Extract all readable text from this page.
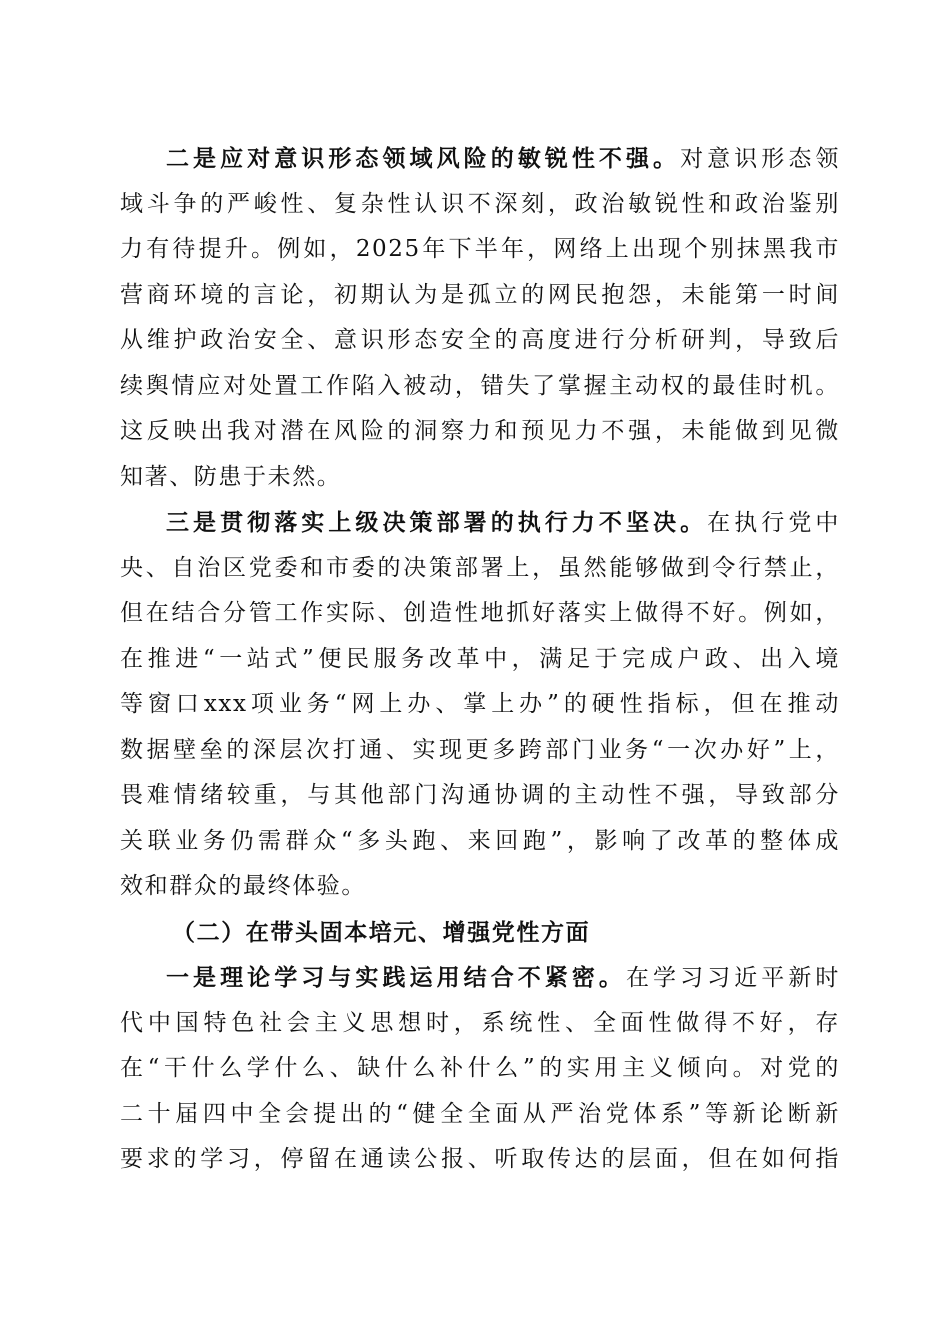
二是应对意识形态领域风险的敏锐性不强。对意识形态领
域斗争的严峻性、复杂性认识不深刻，政治敏锐性和政治鉴别
力有待提升。例如，2025年下半年，网络上出现个别抹黑我市
营商环境的言论，初期认为是孤立的网民抱怨，未能第一时间
从维护政治安全、意识形态安全的高度进行分析研判，导致后
续舆情应对处置工作陷入被动，错失了掌握主动权的最佳时机。
这反映出我对潜在风险的洞察力和预见力不强，未能做到见微
知著、防患于未然。
三是贯彻落实上级决策部署的执行力不坚决。在执行党中
央、自治区党委和市委的决策部署上，虽然能够做到令行禁止，
但在结合分管工作实际、创造性地抓好落实上做得不好。例如，
在推进“一站式”便民服务改革中，满足于完成户政、出入境
等窗口xxx项业务“网上办、掌上办”的硬性指标，但在推动
数据壁垒的深层次打通、实现更多跨部门业务“一次办好”上，
畏难情绪较重，与其他部门沟通协调的主动性不强，导致部分
关联业务仍需群众“多头跑、来回跑”，影响了改革的整体成
效和群众的最终体验。
（二）在带头固本培元、增强党性方面
一是理论学习与实践运用结合不紧密。在学习习近平新时
代中国特色社会主义思想时，系统性、全面性做得不好，存
在“干什么学什么、缺什么补什么”的实用主义倾向。对党的
二十届四中全会提出的“健全全面从严治党体系”等新论断新
要求的学习，停留在通读公报、听取传达的层面，但在如何指
